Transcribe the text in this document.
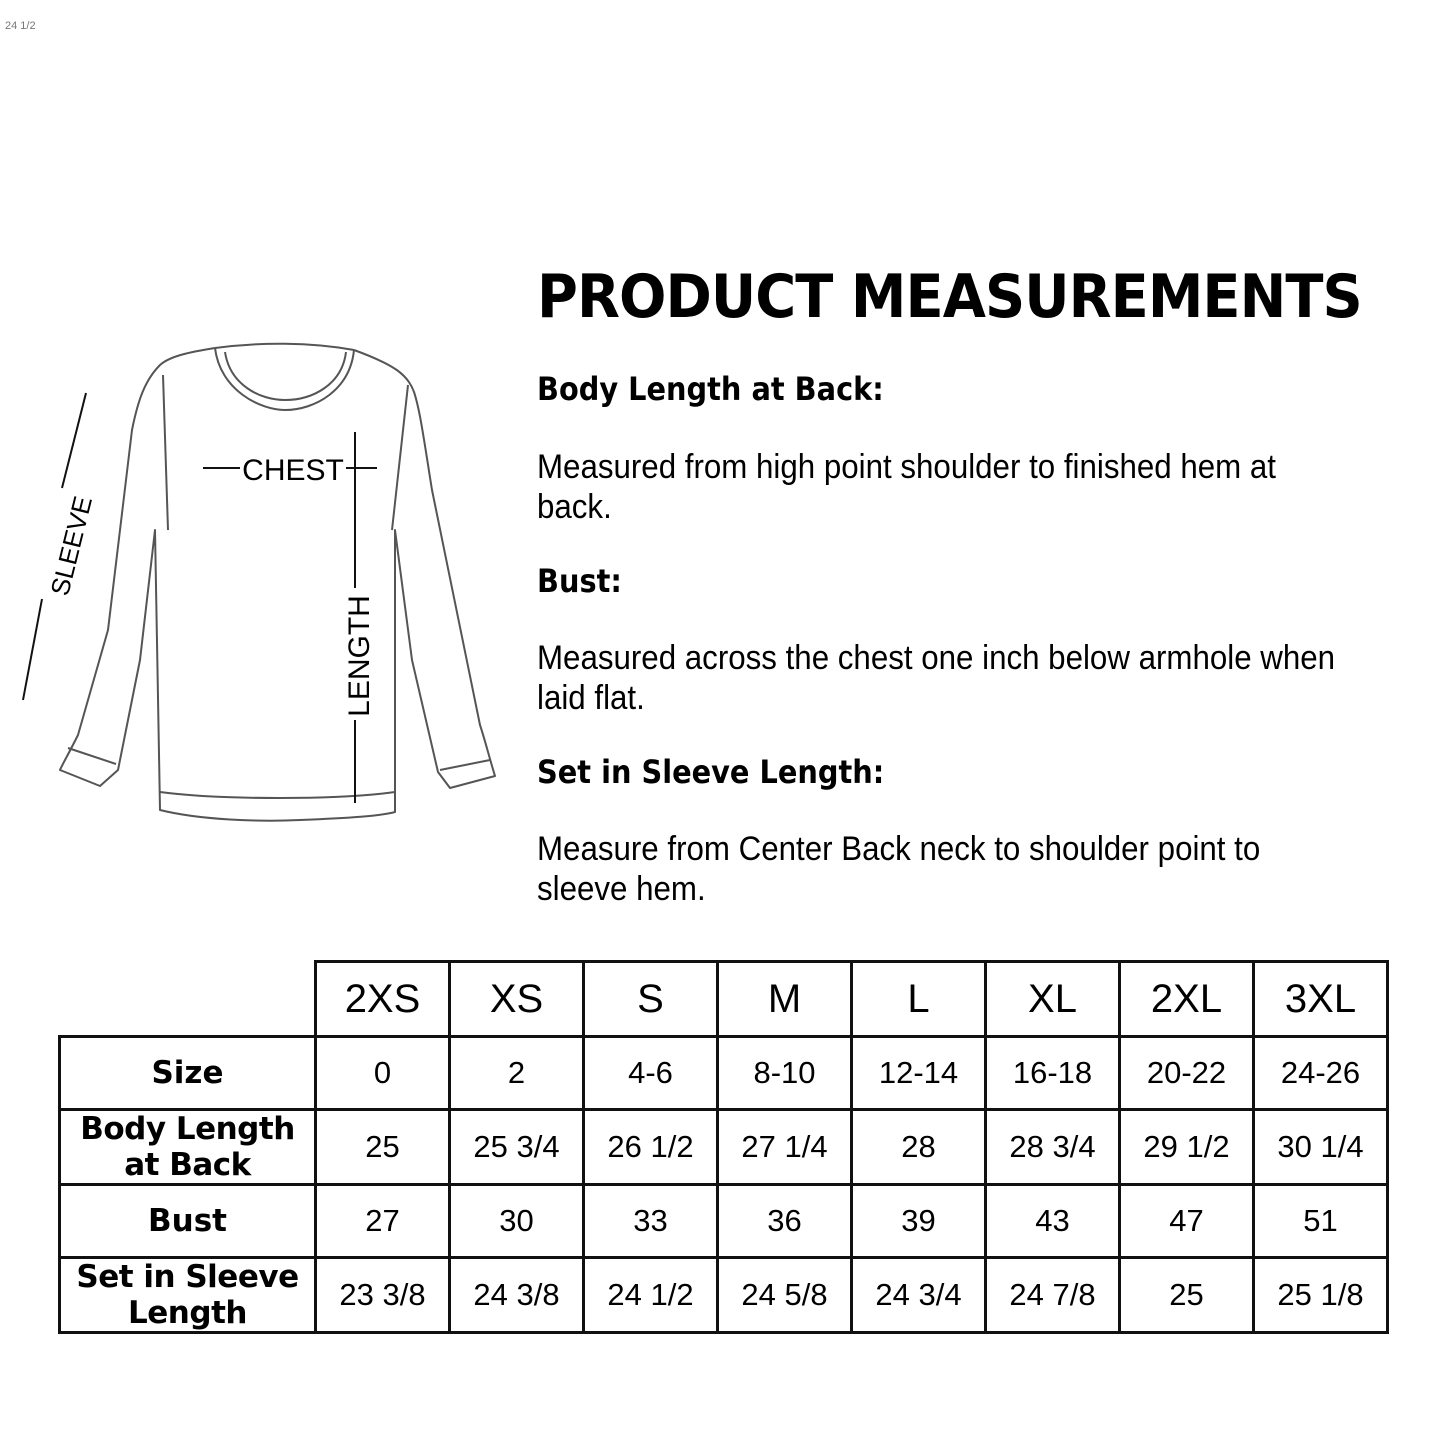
24 1/2
CHEST
LENGTH
SLEEVE
PRODUCT MEASUREMENTS
Body Length at Back:
Measured from high point shoulder to finished hem at back.
Bust:
Measured across the chest one inch below armhole when laid flat.
Set in Sleeve Length:
Measure from Center Back neck to shoulder point to sleeve hem.
	2XS	XS	S	M	L	XL	2XL	3XL
Size	0	2	4-6	8-10	12-14	16-18	20-22	24-26
Body Length at Back	25	25 3/4	26 1/2	27 1/4	28	28 3/4	29 1/2	30 1/4
Bust	27	30	33	36	39	43	47	51
Set in Sleeve Length	23 3/8	24 3/8	24 1/2	24 5/8	24 3/4	24 7/8	25	25 1/8
